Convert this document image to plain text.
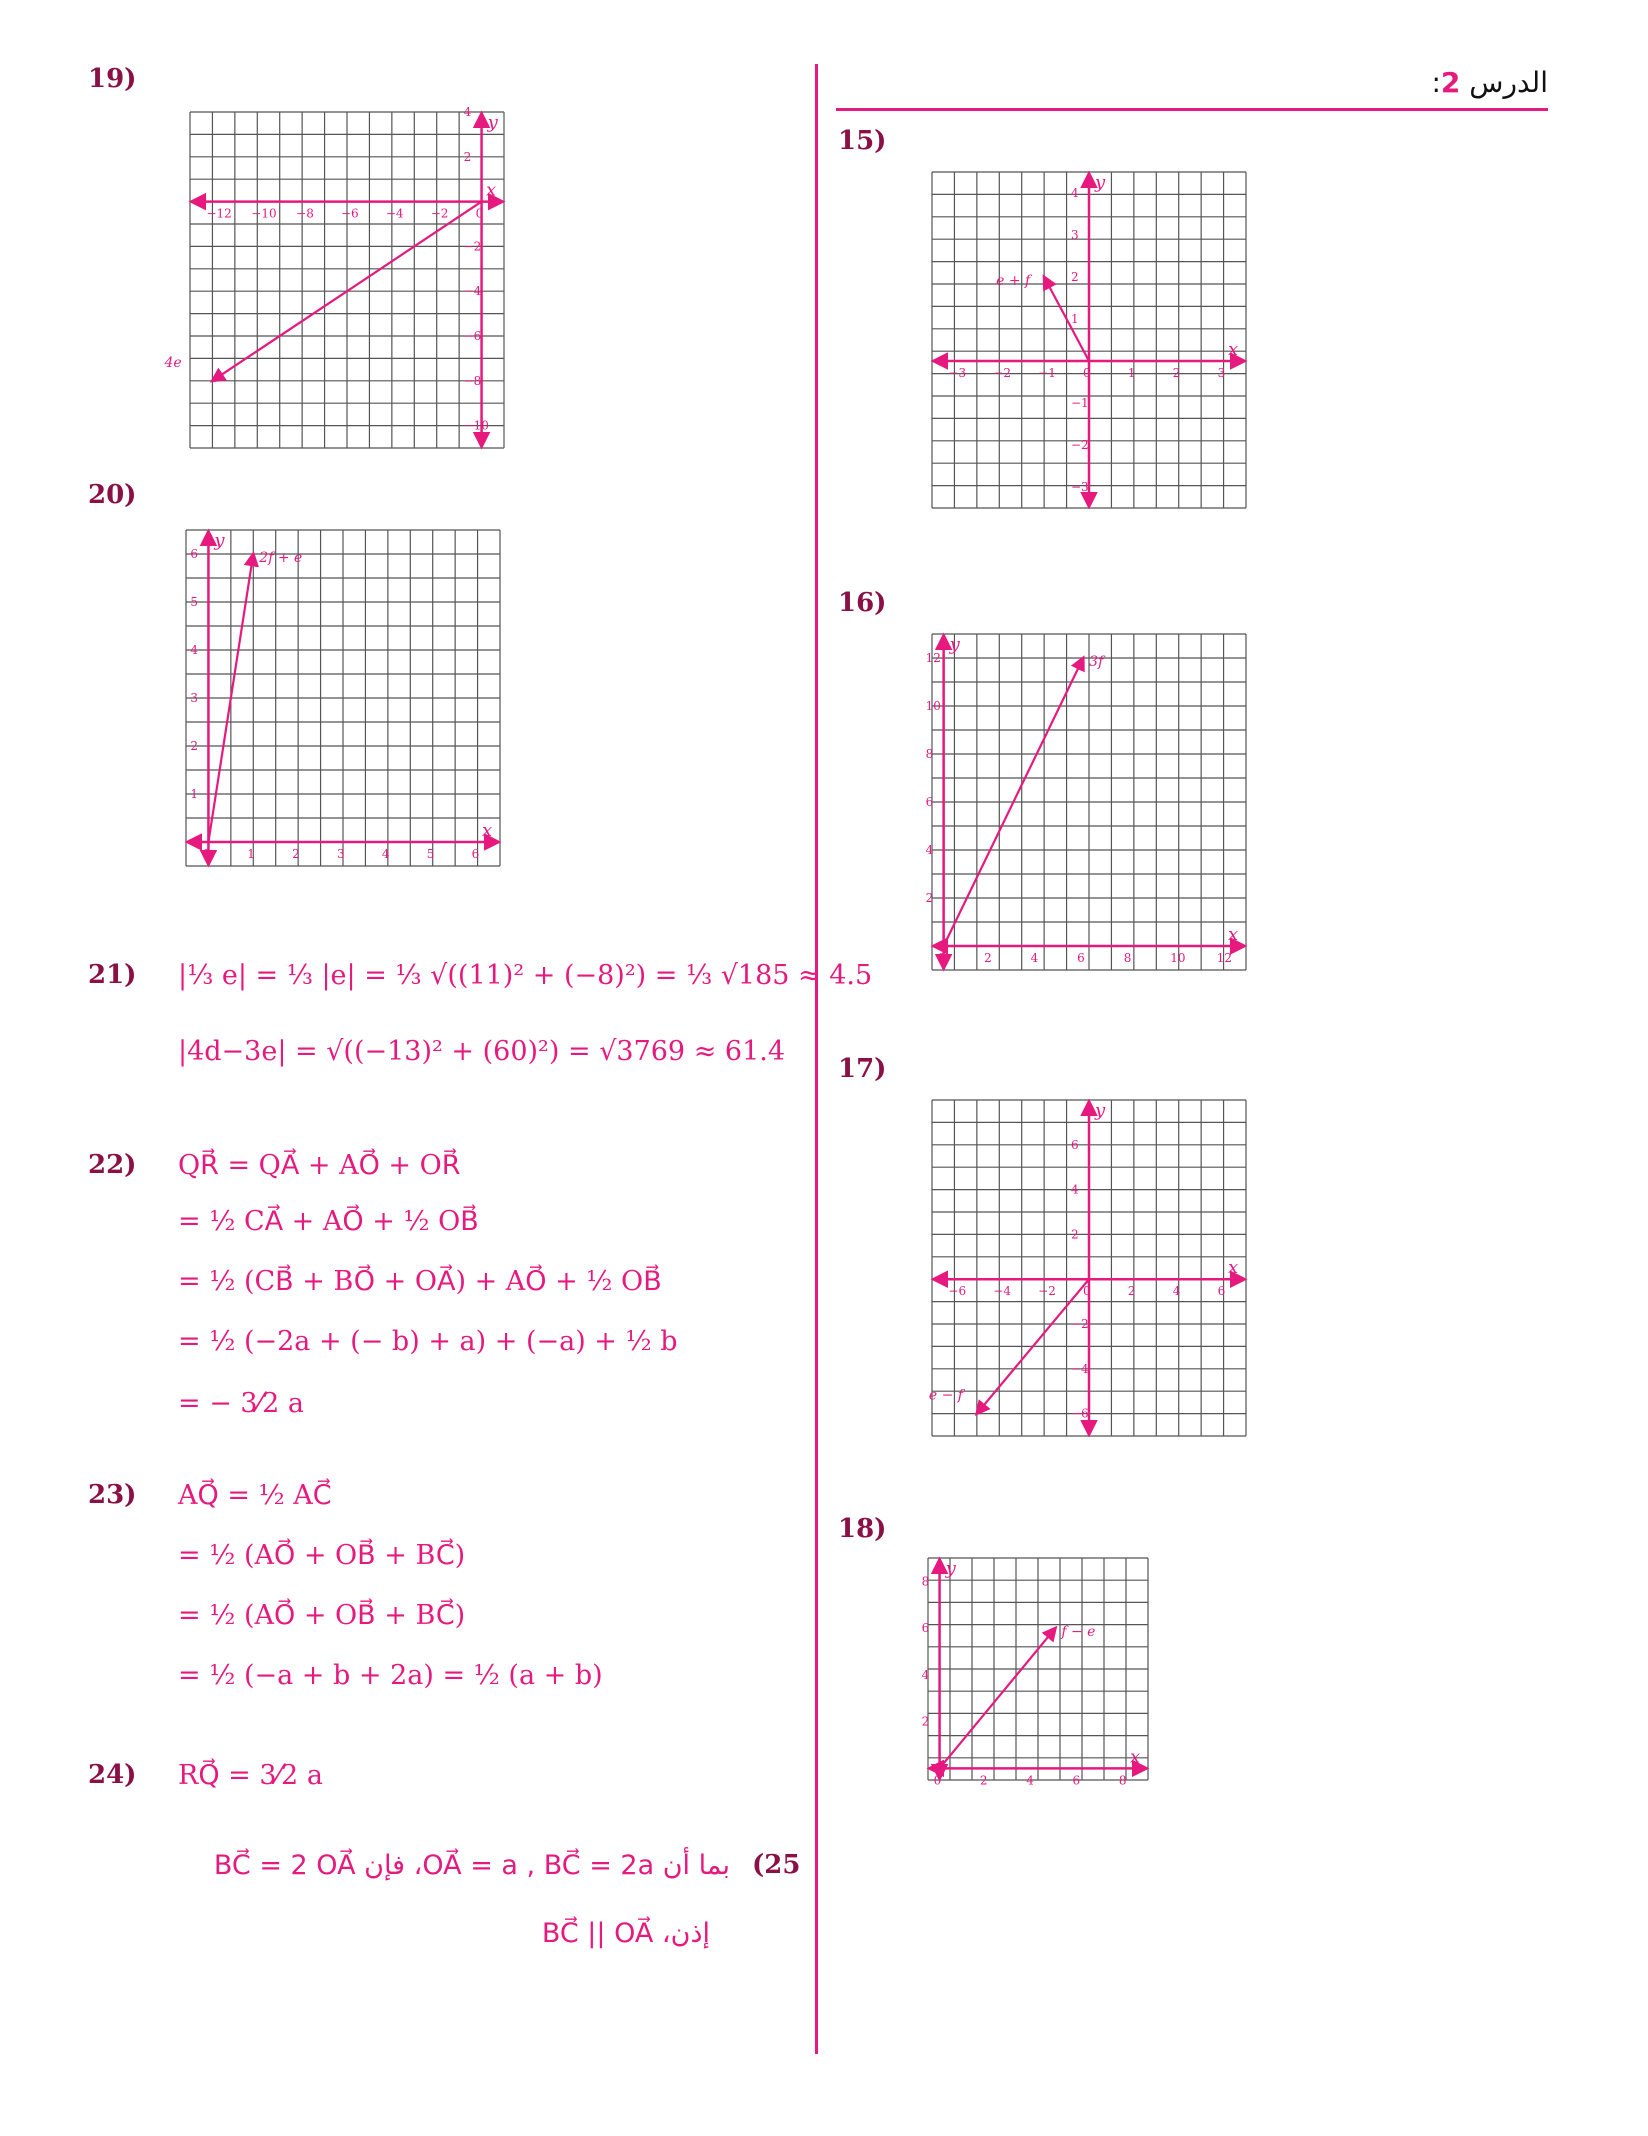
الدرس 2:
19)
20)
21)
22)
23)
24)
15)
16)
17)
18)
x
y
−12 −10 −8 −6 −4 −2 0
4
2
−2
−4
−6
−8
−10
4e
x
y
0	1	2	3	4	5	6
6
5
4
3
2
1
2f + e
x
y
−3 −2 −1 0	1	2	3
4
3
2
1
−1
−2
−3
e + f
x
y
0	2	4	6	8	10	12
12
10
8
6
4
2
3f
x
y
−6 −4 −2 0	2	4	6
6
4
2
−2
−4
−6
e − f
x
y
0	2	4	6	8
8
6
4
2
f − e
|⅓ e| = ⅓ |e| = ⅓ √((11)² + (−8)²) = ⅓ √185 ≈ 4.5
|4d−3e| = √((−13)² + (60)²) = √3769 ≈ 61.4
QR⃗ = QA⃗ + AO⃗ + OR⃗
= ½ CA⃗ + AO⃗ + ½ OB⃗
= ½ (CB⃗ + BO⃗ + OA⃗) + AO⃗ + ½ OB⃗
= ½ (−2a + (− b) + a) + (−a) + ½ b
= − 3⁄2 a
AQ⃗ = ½ AC⃗
= ½ (AO⃗ + OB⃗ + BC⃗)
= ½ (AO⃗ + OB⃗ + BC⃗)
= ½ (−a + b + 2a) = ½ (a + b)
RQ⃗ = 3⁄2 a
(25
بما أن OA⃗ = a , BC⃗ = 2a، فإن BC⃗ = 2 OA⃗
إذن، BC⃗ || OA⃗
